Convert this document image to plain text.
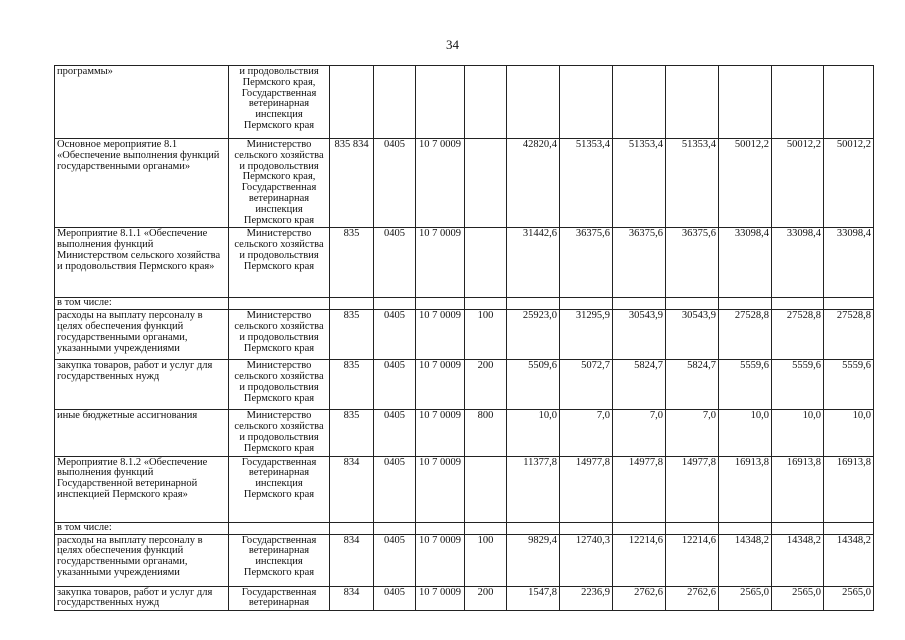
34
программы»	и продовольствия Пермского края, Государственная ветеринарная инспекция Пермского края											
Основное мероприятие 8.1 «Обеспечение выполнения функций государственными органами»	Министерство сельского хозяйства и продовольствия Пермского края, Государственная ветеринарная инспекция Пермского края	835 834	0405	10 7 0009		42820,4	51353,4	51353,4	51353,4	50012,2	50012,2	50012,2
Мероприятие 8.1.1 «Обеспечение выполнения функций Министерством сельского хозяйства и продовольствия Пермского края»	Министерство сельского хозяйства и продовольствия Пермского края	835	0405	10 7 0009		31442,6	36375,6	36375,6	36375,6	33098,4	33098,4	33098,4
в том числе:												
расходы на выплату персоналу в целях обеспечения функций государственными органами, указанными учреждениями	Министерство сельского хозяйства и продовольствия Пермского края	835	0405	10 7 0009	100	25923,0	31295,9	30543,9	30543,9	27528,8	27528,8	27528,8
закупка товаров, работ и услуг для государственных нужд	Министерство сельского хозяйства и продовольствия Пермского края	835	0405	10 7 0009	200	5509,6	5072,7	5824,7	5824,7	5559,6	5559,6	5559,6
иные бюджетные ассигнования	Министерство сельского хозяйства и продовольствия Пермского края	835	0405	10 7 0009	800	10,0	7,0	7,0	7,0	10,0	10,0	10,0
Мероприятие 8.1.2 «Обеспечение выполнения функций Государственной ветеринарной инспекцией Пермского края»	Государственная ветеринарная инспекция Пермского края	834	0405	10 7 0009		11377,8	14977,8	14977,8	14977,8	16913,8	16913,8	16913,8
в том числе:												
расходы на выплату персоналу в целях обеспечения функций государственными органами, указанными учреждениями	Государственная ветеринарная инспекция Пермского края	834	0405	10 7 0009	100	9829,4	12740,3	12214,6	12214,6	14348,2	14348,2	14348,2
закупка товаров, работ и услуг для государственных нужд	Государственная ветеринарная	834	0405	10 7 0009	200	1547,8	2236,9	2762,6	2762,6	2565,0	2565,0	2565,0
